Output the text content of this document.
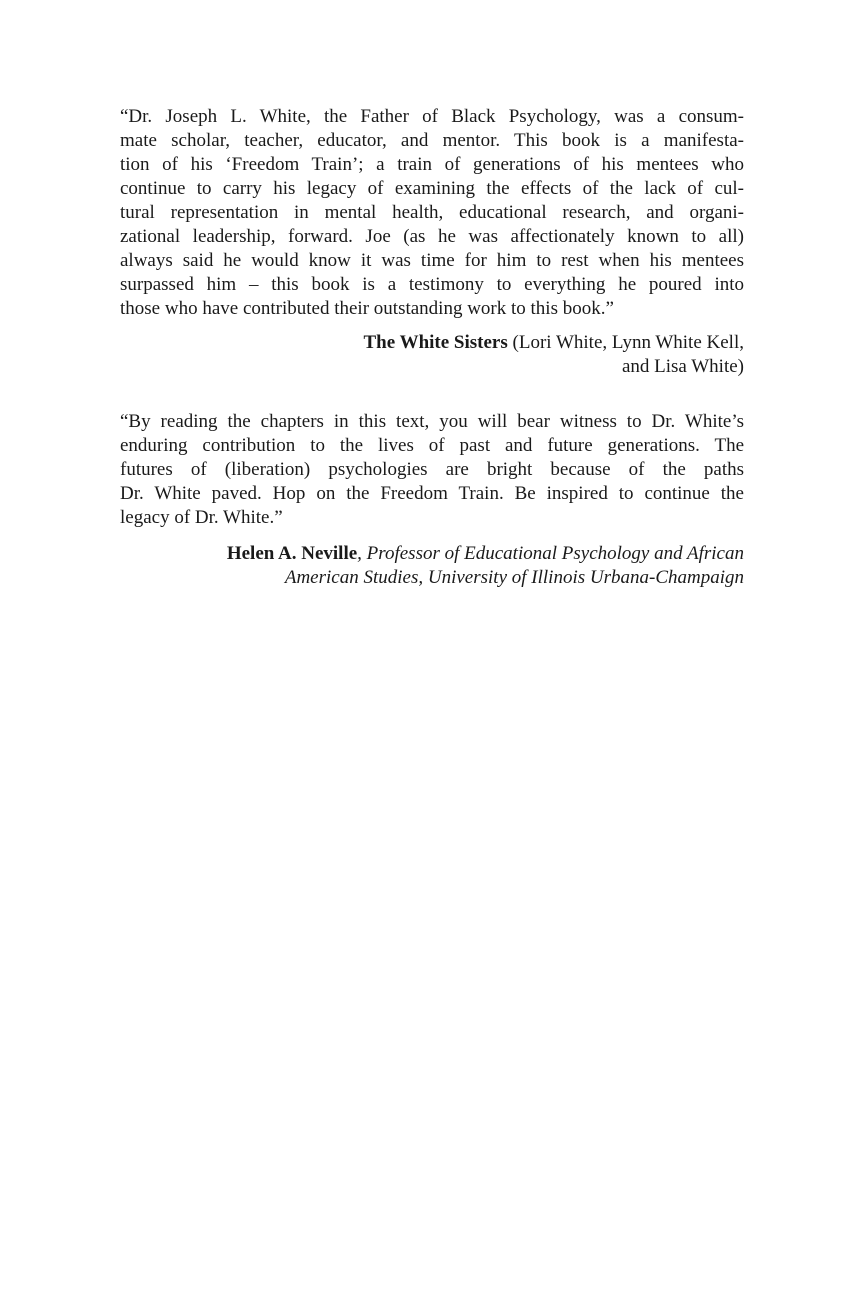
“Dr. Joseph L. White, the Father of Black Psychology, was a consum-

mate scholar, teacher, educator, and mentor. This book is a manifesta-

tion of his ‘Freedom Train’; a train of generations of his mentees who

continue to carry his legacy of examining the effects of the lack of cul-

tural representation in mental health, educational research, and organi-

zational leadership, forward. Joe (as he was affectionately known to all)

always said he would know it was time for him to rest when his mentees

surpassed him – this book is a testimony to everything he poured into

those who have contributed their outstanding work to this book.”

The White Sisters (Lori White, Lynn White Kell,

and Lisa White)

“By reading the chapters in this text, you will bear witness to Dr. White’s

enduring contribution to the lives of past and future generations. The

futures of (liberation) psychologies are bright because of the paths

Dr. White paved. Hop on the Freedom Train. Be inspired to continue the

legacy of Dr. White.”

Helen A. Neville, Professor of Educational Psychology and African

American Studies, University of Illinois Urbana-Champaign
